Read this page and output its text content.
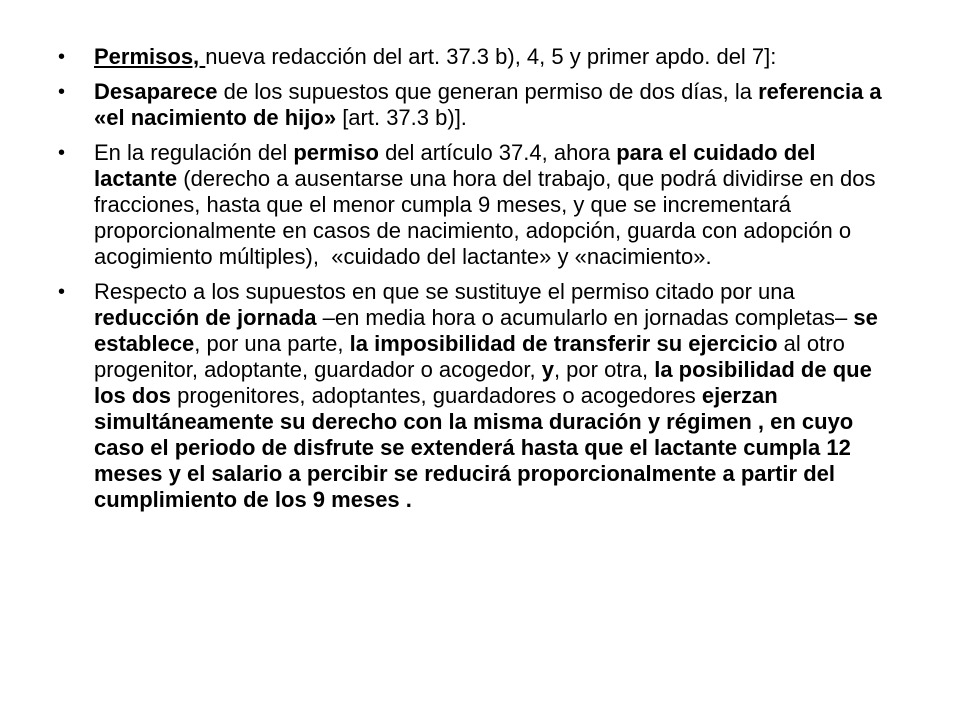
•	Permisos, nueva redacción del art. 37.3 b), 4, 5 y primer apdo. del 7]:
•	Desaparece de los supuestos que generan permiso de dos días, la referencia a «el nacimiento de hijo» [art. 37.3 b)].
•	En la regulación del permiso del artículo 37.4, ahora para el cuidado del lactante (derecho a ausentarse una hora del trabajo, que podrá dividirse en dos fracciones, hasta que el menor cumpla 9 meses, y que se incrementará proporcionalmente en casos de nacimiento, adopción, guarda con adopción o acogimiento múltiples),  «cuidado del lactante» y «nacimiento».
•	Respecto a los supuestos en que se sustituye el permiso citado por una reducción de jornada –en media hora o acumularlo en jornadas completas– se establece, por una parte, la imposibilidad de transferir su ejercicio al otro progenitor, adoptante, guardador o acogedor, y, por otra, la posibilidad de que los dos progenitores, adoptantes, guardadores o acogedores ejerzan simultáneamente su derecho con la misma duración y régimen , en cuyo caso el periodo de disfrute se extenderá hasta que el lactante cumpla 12 meses y el salario a percibir se reducirá proporcionalmente a partir del cumplimiento de los 9 meses .
